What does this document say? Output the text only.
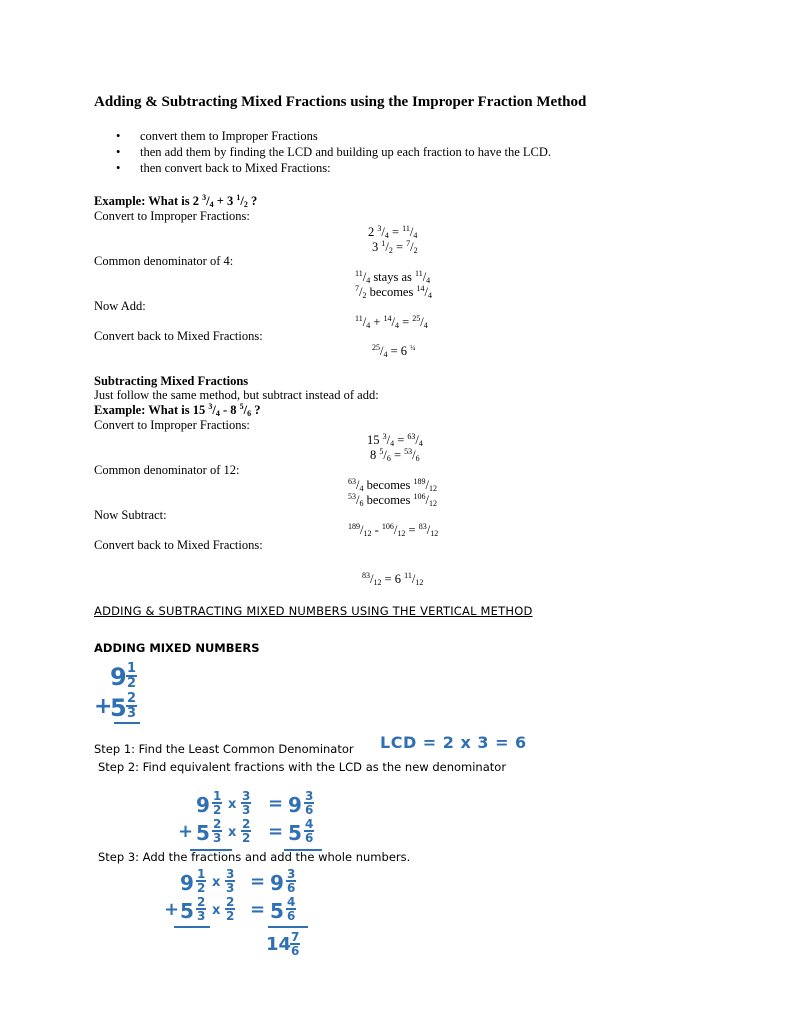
Adding & Subtracting Mixed Fractions using the Improper Fraction Method
• convert them to Improper Fractions
• then add them by finding the LCD and building up each fraction to have the LCD.
• then convert back to Mixed Fractions:
Example: What is 2 $^3/_4 + 3$ $^1/_2$ ?
Convert to Improper Fractions:
2 $^3/_4 = ^{11}/_4$
3 $^1/_2 = ^7/_2$
Common denominator of 4:
$^{11}/_4$ stays as $^{11}/_4$
$^7/_2$ becomes $^{14}/_4$
Now Add:
$^{11}/_4 + ^{14}/_4 = ^{25}/_4$
Convert back to Mixed Fractions:
$^{25}/_4 = 6$ $^{\frac{1}{4}}$
Subtracting Mixed Fractions
Just follow the same method, but subtract instead of add:
Example: What is 15 $^3/_4 - 8$ $^5/_6$ ?
Convert to Improper Fractions:
15 $^3/_4 = ^{63}/_4$
8 $^5/_6 = ^{53}/_6$
Common denominator of 12:
$^{63}/_4$ becomes $^{189}/_{12}$
$^{53}/_6$ becomes $^{106}/_{12}$
Now Subtract:
$^{189}/_{12} - ^{106}/_{12} = ^{83}/_{12}$
Convert back to Mixed Fractions:
$^{83}/_{12} = 6$ $^{11}/_{12}$
ADDING & SUBTRACTING MIXED NUMBERS USING THE VERTICAL METHOD
ADDING MIXED NUMBERS
$9 \frac{1}{2}$
+
$5 \frac{2}{3}$
Step 1: Find the Least Common Denominator LCD = 2 x 3 = 6
Step 2: Find equivalent fractions with the LCD as the new denominator
$9 \frac{1}{2}$ x $\frac{3}{3} = 9 \frac{3}{6}$
+ $5 \frac{2}{3}$ x $\frac{2}{2} = 5 \frac{4}{6}$
Step 3: Add the fractions and add the whole numbers.
$9 \frac{1}{2}$ x $\frac{3}{3} = 9 \frac{3}{6}$
+ $5 \frac{2}{3}$ x $\frac{2}{2} = 5 \frac{4}{6}$
14
$\frac{7}{6}$
